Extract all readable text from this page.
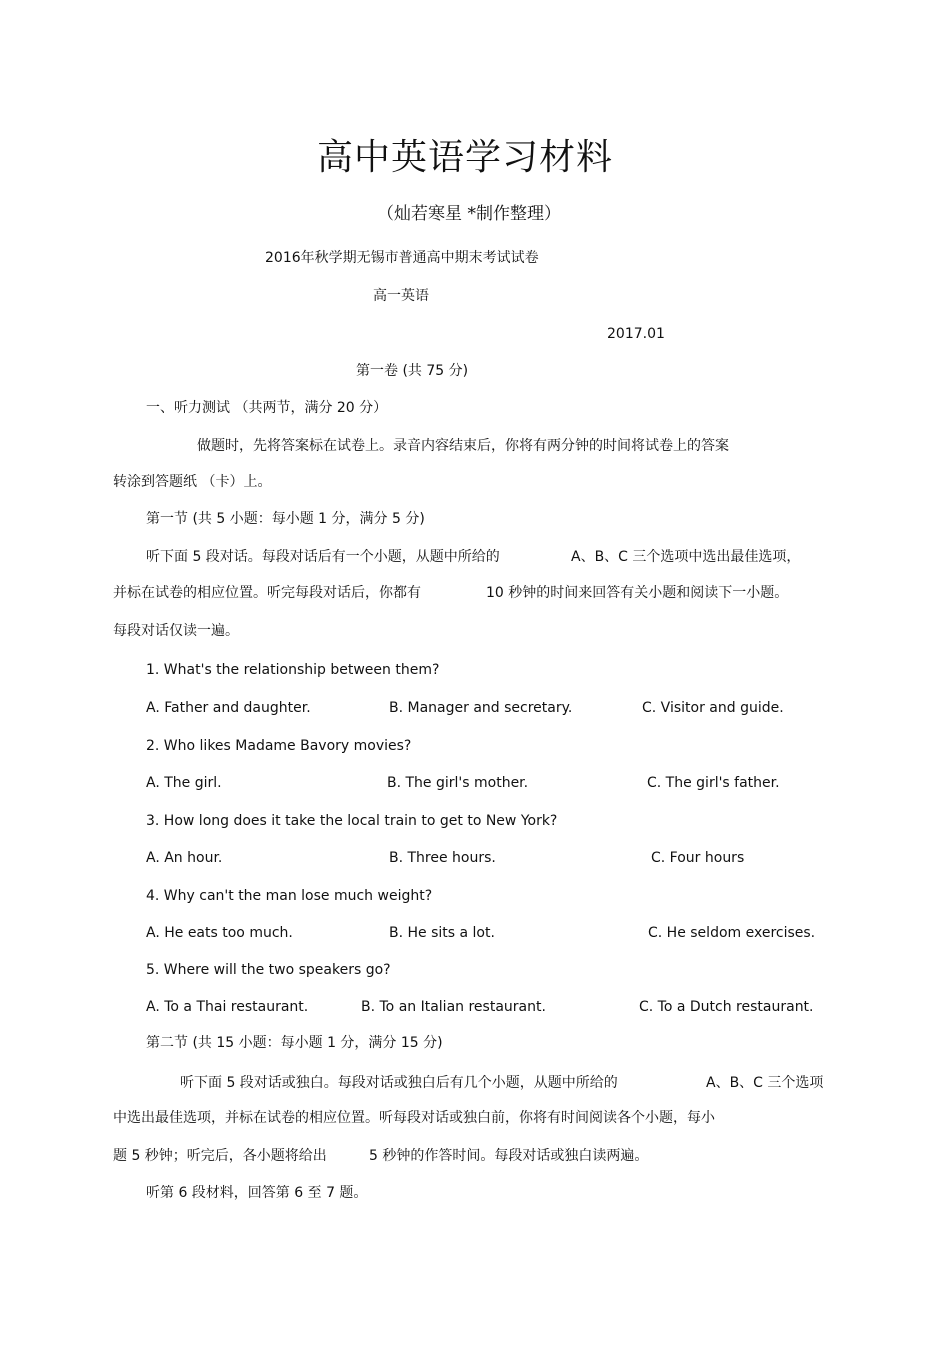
高中英语学习材料
（灿若寒星 *制作整理）
2016年秋学期无锡市普通高中期末考试试卷
高一英语
2017.01
第一卷 (共 75 分)
一、听力测试 （共两节，满分 20 分）
做题时，先将答案标在试卷上。录音内容结束后，你将有两分钟的时间将试卷上的答案
转涂到答题纸 （卡）上。
第一节 (共 5 小题：每小题 1 分，满分 5 分)
听下面 5 段对话。每段对话后有一个小题，从题中所给的	A、B、C 三个选项中选出最佳选项，
并标在试卷的相应位置。听完每段对话后，你都有	10 秒钟的时间来回答有关小题和阅读下一小题。
每段对话仅读一遍。
1. What's the relationship between them?
A. Father and daughter.	B. Manager and secretary.	C. Visitor and guide.
2. Who likes Madame Bavory movies?
A. The girl.	B. The girl's mother.	C. The girl's father.
3. How long does it take the local train to get to New York?
A. An hour.	B. Three hours.	C. Four hours
4. Why can't the man lose much weight?
A. He eats too much.	B. He sits a lot.	C. He seldom exercises.
5. Where will the two speakers go?
A. To a Thai restaurant.	B. To an Italian restaurant.	C. To a Dutch restaurant.
第二节 (共 15 小题：每小题 1 分，满分 15 分)
听下面 5 段对话或独白。每段对话或独白后有几个小题，从题中所给的	A、B、C 三个选项
中选出最佳选项，并标在试卷的相应位置。听每段对话或独白前，你将有时间阅读各个小题，每小
题 5 秒钟；听完后，各小题将给出	5 秒钟的作答时间。每段对话或独白读两遍。
听第 6 段材料，回答第 6 至 7 题。
